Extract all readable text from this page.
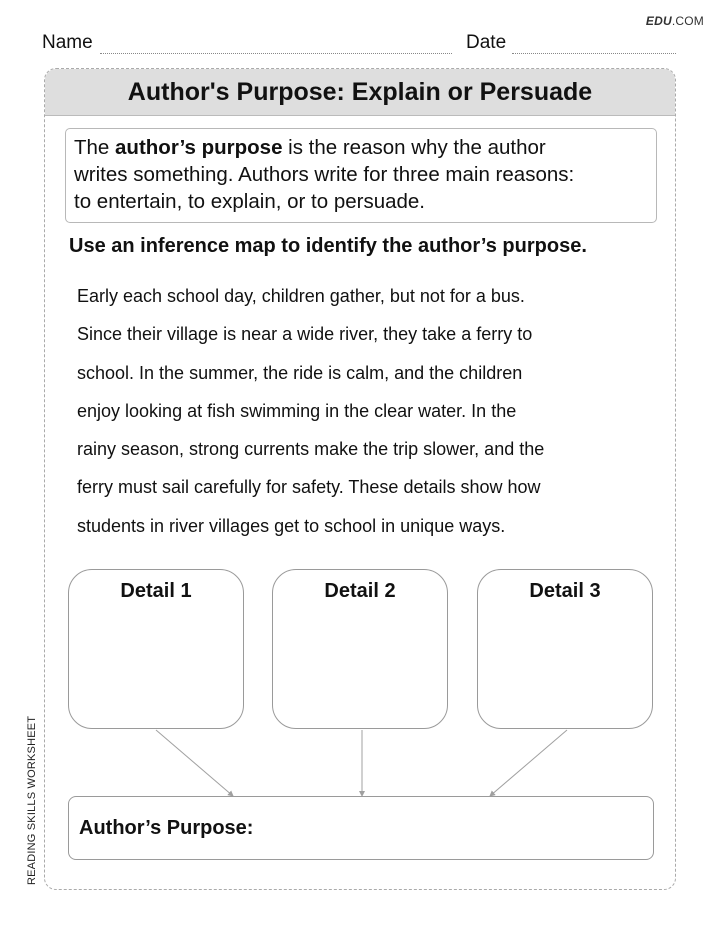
EDU.COM
Name	Date
Author's Purpose: Explain or Persuade
The author’s purpose is the reason why the author
writes something. Authors write for three main reasons:
to entertain, to explain, or to persuade.
Use an inference map to identify the author’s purpose.
Early each school day, children gather, but not for a bus.
Since their village is near a wide river, they take a ferry to
school. In the summer, the ride is calm, and the children
enjoy looking at fish swimming in the clear water. In the
rainy season, strong currents make the trip slower, and the
ferry must sail carefully for safety. These details show how
students in river villages get to school in unique ways.
Detail 1	Detail 2	Detail 3
Author’s Purpose:
READING SKILLS WORKSHEET
